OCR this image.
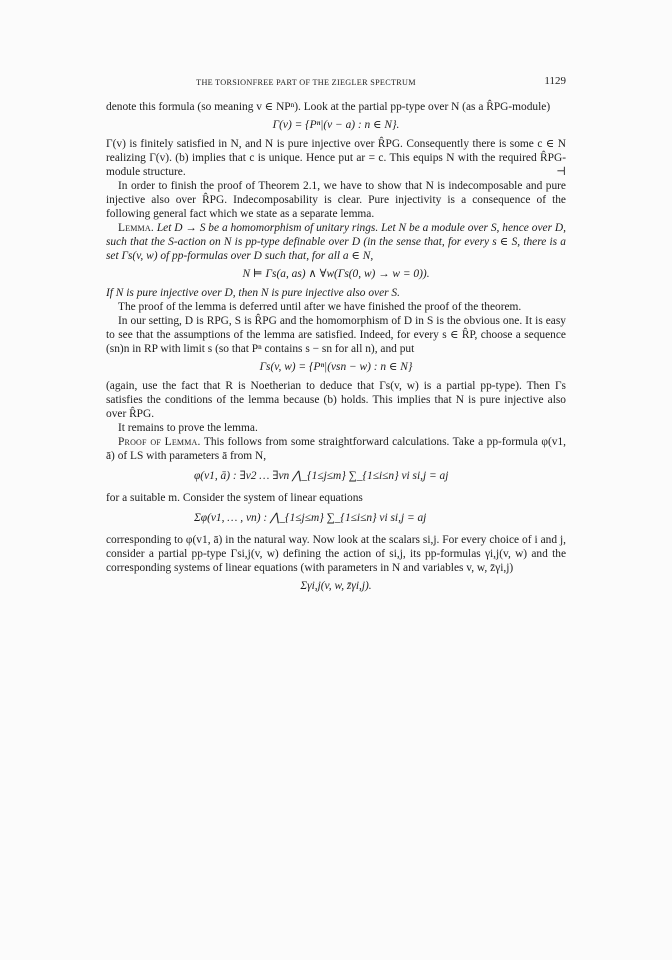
THE TORSIONFREE PART OF THE ZIEGLER SPECTRUM	1129

denote this formula (so meaning v ∈ NPⁿ). Look at the partial pp-type over N (as a R̂PG-module)

Γ(v) = {Pⁿ|(v − a) : n ∈ N}.

Γ(v) is finitely satisfied in N, and N is pure injective over R̂PG. Consequently there is some c ∈ N realizing Γ(v). (b) implies that c is unique. Hence put ar = c. This equips N with the required R̂PG-module structure.	⊣

In order to finish the proof of Theorem 2.1, we have to show that N is indecomposable and pure injective also over R̂PG. Indecomposability is clear. Pure injectivity is a consequence of the following general fact which we state as a separate lemma.

Lemma. Let D → S be a homomorphism of unitary rings. Let N be a module over S, hence over D, such that the S-action on N is pp-type definable over D (in the sense that, for every s ∈ S, there is a set Γs(v, w) of pp-formulas over D such that, for all a ∈ N,

N ⊨ Γs(a, as) ∧ ∀w(Γs(0, w) → w = 0)).

If N is pure injective over D, then N is pure injective also over S.

The proof of the lemma is deferred until after we have finished the proof of the theorem.

In our setting, D is RPG, S is R̂PG and the homomorphism of D in S is the obvious one. It is easy to see that the assumptions of the lemma are satisfied. Indeed, for every s ∈ R̂P, choose a sequence (sn)n in RP with limit s (so that Pⁿ contains s − sn for all n), and put

Γs(v, w) = {Pⁿ|(vsn − w) : n ∈ N}

(again, use the fact that R is Noetherian to deduce that Γs(v, w) is a partial pp-type). Then Γs satisfies the conditions of the lemma because (b) holds. This implies that N is pure injective also over R̂PG.

It remains to prove the lemma.

Proof of Lemma. This follows from some straightforward calculations. Take a pp-formula φ(v1, ā) of LS with parameters ā from N,

φ(v1, ā) : ∃v2 … ∃vn ⋀_{1≤j≤m} ∑_{1≤i≤n} vi si,j = aj

for a suitable m. Consider the system of linear equations

Σφ(v1, … , vn) : ⋀_{1≤j≤m} ∑_{1≤i≤n} vi si,j = aj

corresponding to φ(v1, ā) in the natural way. Now look at the scalars si,j. For every choice of i and j, consider a partial pp-type Γsi,j(v, w) defining the action of si,j, its pp-formulas γi,j(v, w) and the corresponding systems of linear equations (with parameters in N and variables v, w, z̄γi,j)

Σγi,j(v, w, z̄γi,j).
